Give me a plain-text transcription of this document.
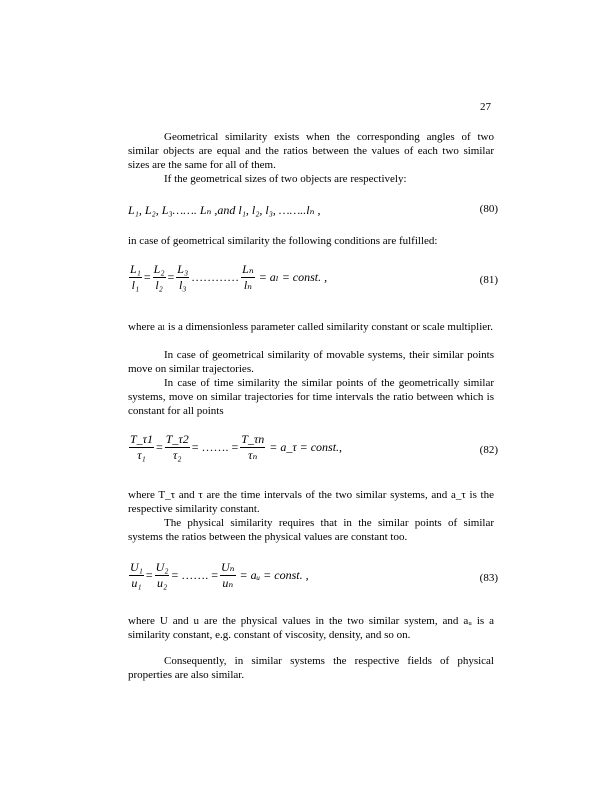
27
Geometrical similarity exists when the corresponding angles of two similar objects are equal and the ratios between the values of each two similar sizes are the same for all of them.
If the geometrical sizes of two objects are respectively:
L₁, L₂, L₃……. Lₙ ,and l₁, l₂, l₃, ……..lₙ ,	(80)
in case of geometrical similarity the following conditions are fulfilled:
$\frac{\text{L₁}}{\text{l₁}} = \frac{\text{L₂}}{\text{l₂}} = \frac{\text{L₃}}{\text{l₃}}$ ………… $\frac{\text{Lₙ}}{\text{lₙ}} = a_l$ = const. ,	(81)
where aₗ is a dimensionless parameter called similarity constant or scale multiplier.
In case of geometrical similarity of movable systems, their similar points move on similar trajectories.
In case of time similarity the similar points of the geometrically similar systems, move on similar trajectories for time intervals the ratio between which is constant for all points
$\frac{T\_\tau 1}{\text{τ₁}} = \frac{T\_\tau 2}{\text{τ₂}}$ = ……. = $\frac{T\_\tau n}{\text{τₙ}}$ = a_τ = const.,	(82)
where T_τ and τ are the time intervals of the two similar systems, and a_τ is the respective similarity constant.
The physical similarity requires that in the similar points of similar systems the ratios between the physical values are constant too.
$\frac{\text{U₁}}{\text{u₁}} = \frac{\text{U₂}}{\text{u₂}}$ = ……. = $\frac{\text{Uₙ}}{\text{uₙ}}$ = aᵤ = const. ,	(83)
where U and u are the physical values in the two similar system, and aᵤ is a similarity constant, e.g. constant of viscosity, density, and so on.
Consequently, in similar systems the respective fields of physical properties are also similar.
